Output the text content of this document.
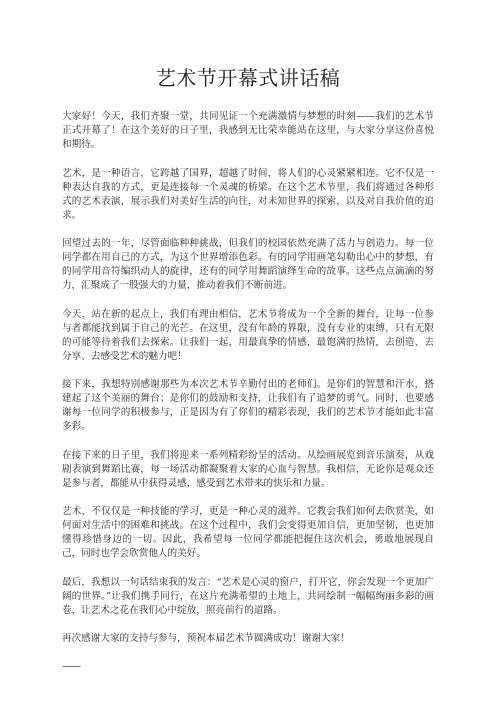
艺术节开幕式讲话稿

大家好！今天，我们齐聚一堂，共同见证一个充满激情与梦想的时刻——我们的艺术节正式开幕了！在这个美好的日子里，我感到无比荣幸能站在这里，与大家分享这份喜悦和期待。

艺术，是一种语言，它跨越了国界，超越了时间，将人们的心灵紧紧相连。它不仅是一种表达自我的方式，更是连接每一个灵魂的桥梁。在这个艺术节里，我们将通过各种形式的艺术表演，展示我们对美好生活的向往，对未知世界的探索，以及对自我价值的追求。

回望过去的一年，尽管面临种种挑战，但我们的校园依然充满了活力与创造力。每一位同学都在用自己的方式，为这个世界增添色彩。有的同学用画笔勾勒出心中的梦想，有的同学用音符编织动人的旋律，还有的同学用舞蹈演绎生命的故事。这些点点滴滴的努力，汇聚成了一股强大的力量，推动着我们不断前进。

今天，站在新的起点上，我们有理由相信，艺术节将成为一个全新的舞台，让每一位参与者都能找到属于自己的光芒。在这里，没有年龄的界限，没有专业的束缚，只有无限的可能等待着我们去探索。让我们一起，用最真挚的情感，最饱满的热情，去创造、去分享、去感受艺术的魅力吧！

接下来，我想特别感谢那些为本次艺术节辛勤付出的老师们。是你们的智慧和汗水，搭建起了这个美丽的舞台；是你们的鼓励和支持，让我们有了追梦的勇气。同时，也要感谢每一位同学的积极参与，正是因为有了你们的精彩表现，我们的艺术节才能如此丰富多彩。

在接下来的日子里，我们将迎来一系列精彩纷呈的活动。从绘画展览到音乐演奏，从戏剧表演到舞蹈比赛，每一场活动都凝聚着大家的心血与智慧。我相信，无论你是观众还是参与者，都能从中获得灵感，感受到艺术带来的快乐和力量。

艺术，不仅仅是一种技能的学习，更是一种心灵的滋养。它教会我们如何去欣赏美，如何面对生活中的困难和挑战。在这个过程中，我们会变得更加自信，更加坚韧，也更加懂得珍惜身边的一切。因此，我希望每一位同学都能把握住这次机会，勇敢地展现自己，同时也学会欣赏他人的美好。

最后，我想以一句话结束我的发言：“艺术是心灵的窗户，打开它，你会发现一个更加广阔的世界。”让我们携手同行，在这片充满希望的土地上，共同绘制一幅幅绚丽多彩的画卷，让艺术之花在我们心中绽放，照亮前行的道路。

再次感谢大家的支持与参与，预祝本届艺术节圆满成功！谢谢大家！

——
